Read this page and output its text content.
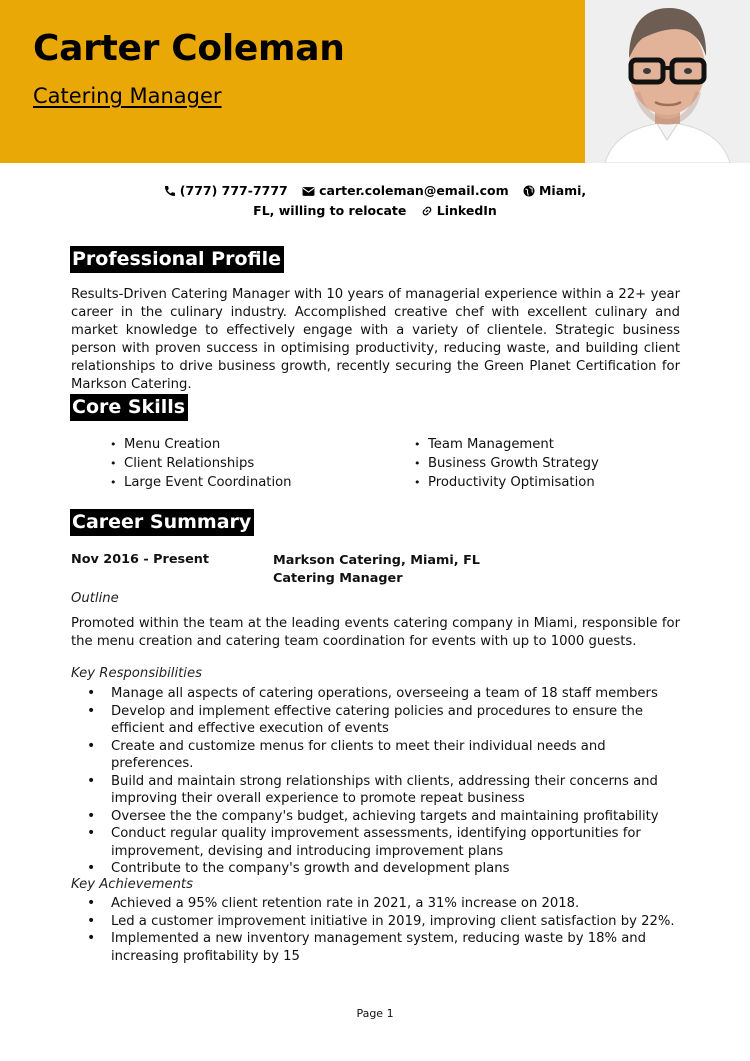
Carter Coleman
Catering Manager
(777) 777-7777	carter.coleman@email.com Miami,
FL, willing to relocate LinkedIn
Professional Profile

Results-Driven Catering Manager with 10 years of managerial experience within a 22+ year career in the culinary industry. Accomplished creative chef with excellent culinary and market knowledge to effectively engage with a variety of clientele. Strategic business person with proven success in optimising productivity, reducing waste, and building client relationships to drive business growth, recently securing the Green Planet Certification for Markson Catering.

Core Skills
• Menu Creation
• Client Relationships
• Large Event Coordination
• Team Management
• Business Growth Strategy
• Productivity Optimisation
Career Summary
Nov 2016 - Present	Markson Catering, Miami, FL
Catering Manager
Outline

Promoted within the team at the leading events catering company in Miami, responsible for the menu creation and catering team coordination for events with up to 1000 guests.

Key Responsibilities
• Manage all aspects of catering operations, overseeing a team of 18 staff members
• Develop and implement effective catering policies and procedures to ensure the efficient and effective execution of events
• Create and customize menus for clients to meet their individual needs and preferences.
• Build and maintain strong relationships with clients, addressing their concerns and improving their overall experience to promote repeat business
• Oversee the the company's budget, achieving targets and maintaining profitability
• Conduct regular quality improvement assessments, identifying opportunities for improvement, devising and introducing improvement plans
• Contribute to the company's growth and development plans
Key Achievements
• Achieved a 95% client retention rate in 2021, a 31% increase on 2018.
• Led a customer improvement initiative in 2019, improving client satisfaction by 22%.
• Implemented a new inventory management system, reducing waste by 18% and increasing profitability by 15
Page 1
